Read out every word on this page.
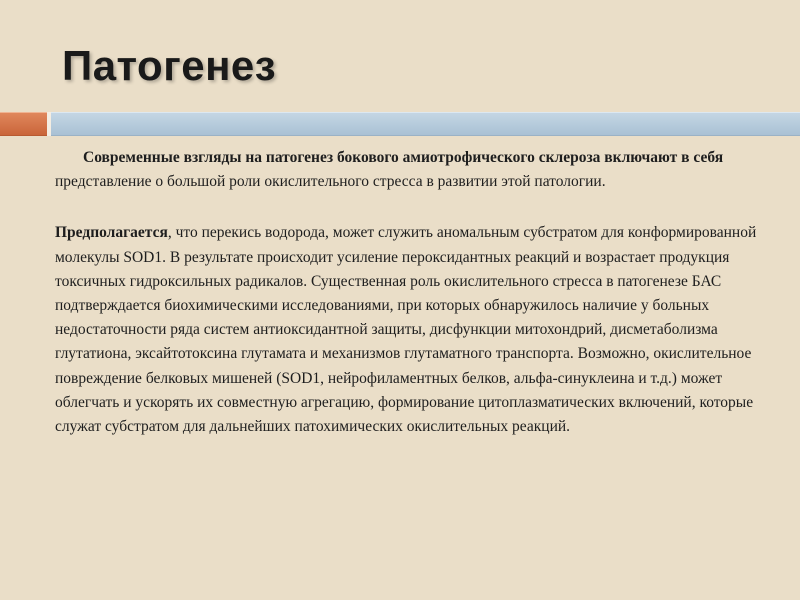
Патогенез

Современные взгляды на патогенез бокового амиотрофического склероза включают в себя представление о большой роли окислительного стресса в развитии этой патологии.

Предполагается, что перекись водорода, может служить аномальным субстратом для конформированной молекулы SOD1. В результате происходит усиление пероксидантных реакций и возрастает продукция токсичных гидроксильных радикалов. Существенная роль окислительного стресса в патогенезе БАС подтверждается биохимическими исследованиями, при которых обнаружилось наличие у больных недостаточности ряда систем антиоксидантной защиты, дисфункции митохондрий, дисметаболизма глутатиона, эксайтотоксина глутамата и механизмов глутаматного транспорта. Возможно, окислительное повреждение белковых мишеней (SOD1, нейрофиламентных белков, альфа-синуклеина и т.д.) может облегчать и ускорять их совместную агрегацию, формирование цитоплазматических включений, которые служат субстратом для дальнейших патохимических окислительных реакций.
